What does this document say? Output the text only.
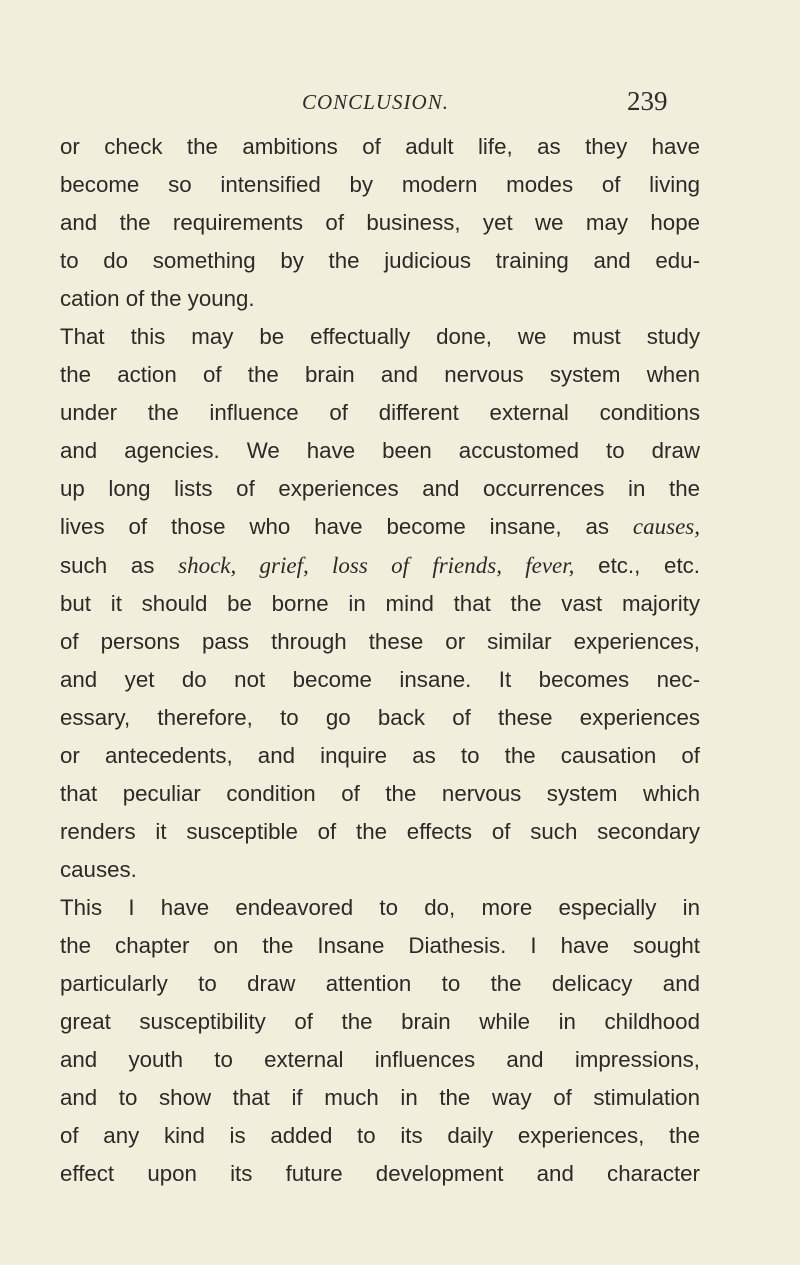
CONCLUSION.	239
or check the ambitions of adult life, as they have
become so intensified by modern modes of living
and the requirements of business, yet we may hope
to do something by the judicious training and edu-
cation of the young.
That this may be effectually done, we must study
the action of the brain and nervous system when
under the influence of different external conditions
and agencies. We have been accustomed to draw
up long lists of experiences and occurrences in the
lives of those who have become insane, as causes,
such as shock, grief, loss of friends, fever, etc., etc.
but it should be borne in mind that the vast majority
of persons pass through these or similar experiences,
and yet do not become insane. It becomes nec-
essary, therefore, to go back of these experiences
or antecedents, and inquire as to the causation of
that peculiar condition of the nervous system which
renders it susceptible of the effects of such secondary
causes.
This I have endeavored to do, more especially in
the chapter on the Insane Diathesis. I have sought
particularly to draw attention to the delicacy and
great susceptibility of the brain while in childhood
and youth to external influences and impressions,
and to show that if much in the way of stimulation
of any kind is added to its daily experiences, the
effect upon its future development and character
